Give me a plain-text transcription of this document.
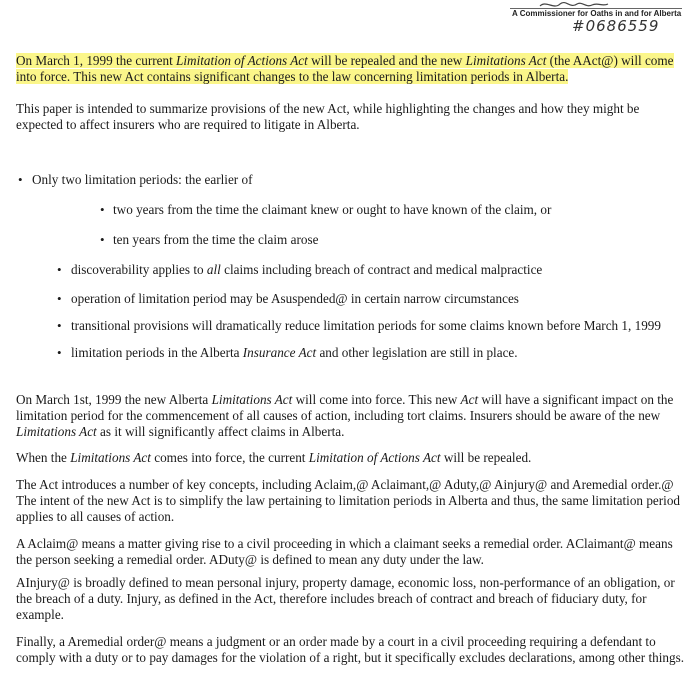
A Commissioner for Oaths in and for Alberta
#0686559

On March 1, 1999 the current Limitation of Actions Act will be repealed and the new Limitations Act (the AAct@) will come into force. This new Act contains significant changes to the law concerning limitation periods in Alberta.

This paper is intended to summarize provisions of the new Act, while highlighting the changes and how they might be expected to affect insurers who are required to litigate in Alberta.

• Only two limitation periods: the earlier of
• two years from the time the claimant knew or ought to have known of the claim, or
• ten years from the time the claim arose
• discoverability applies to all claims including breach of contract and medical malpractice
• operation of limitation period may be Asuspended@ in certain narrow circumstances
• transitional provisions will dramatically reduce limitation periods for some claims known before March 1, 1999
• limitation periods in the Alberta Insurance Act and other legislation are still in place.

On March 1st, 1999 the new Alberta Limitations Act will come into force. This new Act will have a significant impact on the limitation period for the commencement of all causes of action, including tort claims. Insurers should be aware of the new Limitations Act as it will significantly affect claims in Alberta.

When the Limitations Act comes into force, the current Limitation of Actions Act will be repealed.

The Act introduces a number of key concepts, including Aclaim,@ Aclaimant,@ Aduty,@ Ainjury@ and Aremedial order.@ The intent of the new Act is to simplify the law pertaining to limitation periods in Alberta and thus, the same limitation period applies to all causes of action.

A Aclaim@ means a matter giving rise to a civil proceeding in which a claimant seeks a remedial order. AClaimant@ means the person seeking a remedial order. ADuty@ is defined to mean any duty under the law.

AInjury@ is broadly defined to mean personal injury, property damage, economic loss, non-performance of an obligation, or the breach of a duty. Injury, as defined in the Act, therefore includes breach of contract and breach of fiduciary duty, for example.

Finally, a Aremedial order@ means a judgment or an order made by a court in a civil proceeding requiring a defendant to comply with a duty or to pay damages for the violation of a right, but it specifically excludes declarations, among other things.
